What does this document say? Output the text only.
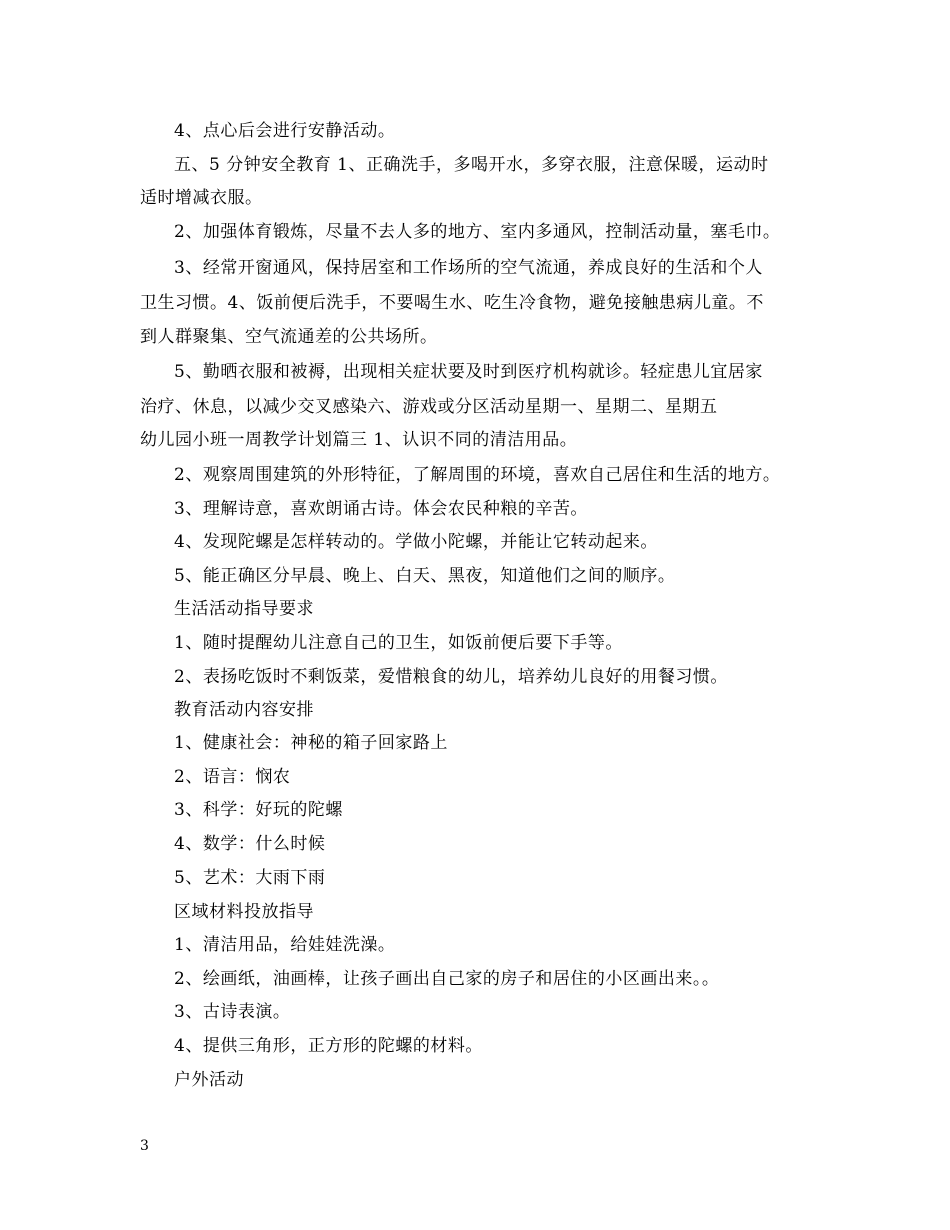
4、点心后会进行安静活动。
五、5 分钟安全教育 1、正确洗手，多喝开水，多穿衣服，注意保暖，运动时
适时增减衣服。
2、加强体育锻炼，尽量不去人多的地方、室内多通风，控制活动量，塞毛巾。
3、经常开窗通风，保持居室和工作场所的空气流通，养成良好的生活和个人
卫生习惯。4、饭前便后洗手，不要喝生水、吃生冷食物，避免接触患病儿童。不
到人群聚集、空气流通差的公共场所。
5、勤晒衣服和被褥，出现相关症状要及时到医疗机构就诊。轻症患儿宜居家
治疗、休息，以减少交叉感染六、游戏或分区活动星期一、星期二、星期五
幼儿园小班一周教学计划篇三 1、认识不同的清洁用品。
2、观察周围建筑的外形特征，了解周围的环境，喜欢自己居住和生活的地方。
3、理解诗意，喜欢朗诵古诗。体会农民种粮的辛苦。
4、发现陀螺是怎样转动的。学做小陀螺，并能让它转动起来。
5、能正确区分早晨、晚上、白天、黑夜，知道他们之间的顺序。
生活活动指导要求
1、随时提醒幼儿注意自己的卫生，如饭前便后要下手等。
2、表扬吃饭时不剩饭菜，爱惜粮食的幼儿，培养幼儿良好的用餐习惯。
教育活动内容安排
1、健康社会：神秘的箱子回家路上
2、语言：悯农
3、科学：好玩的陀螺
4、数学：什么时候
5、艺术：大雨下雨
区域材料投放指导
1、清洁用品，给娃娃洗澡。
2、绘画纸，油画棒，让孩子画出自己家的房子和居住的小区画出来。。
3、古诗表演。
4、提供三角形，正方形的陀螺的材料。
户外活动
3
